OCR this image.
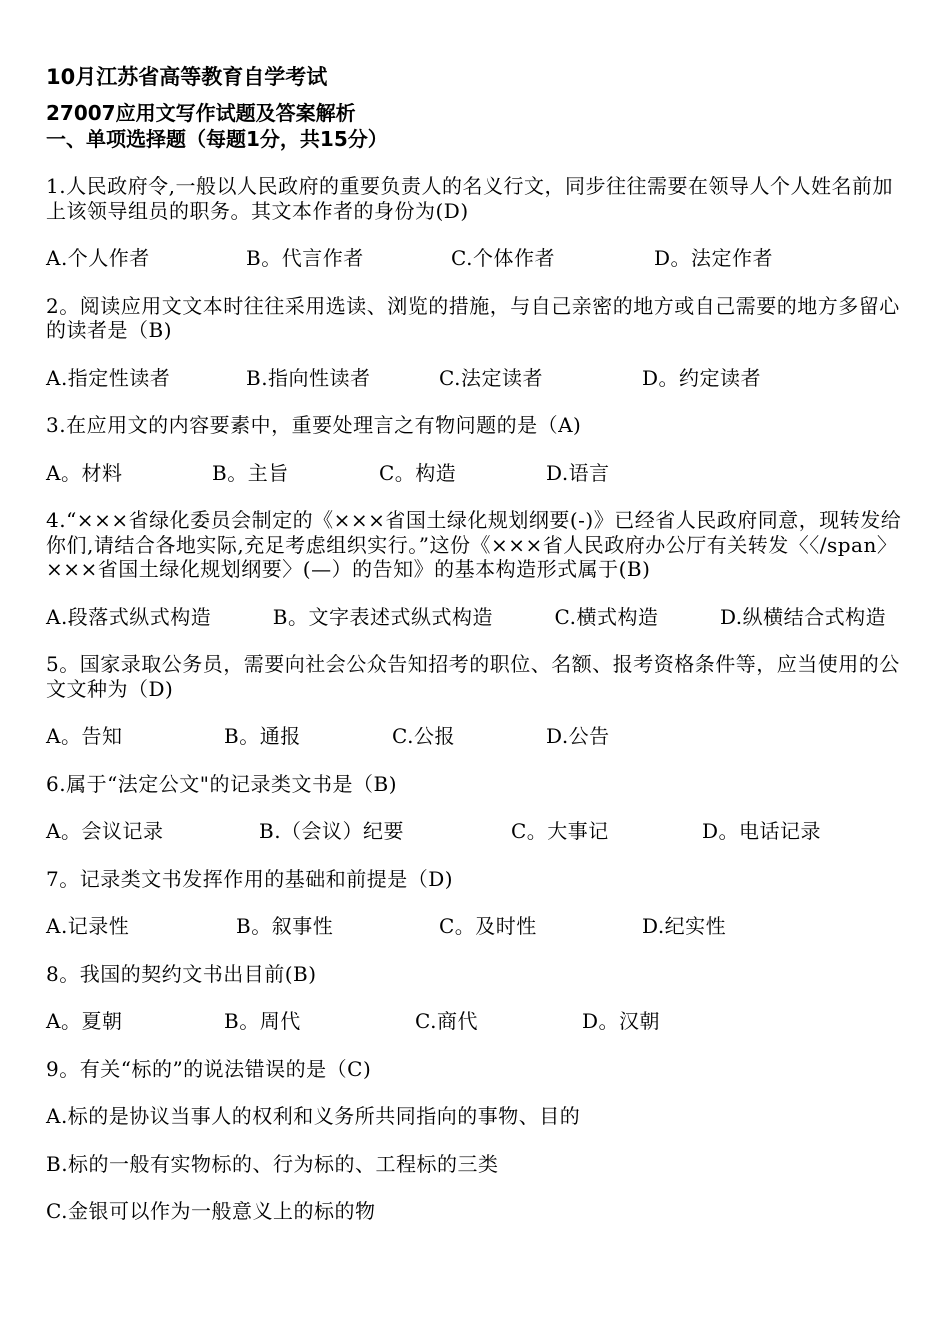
10月江苏省高等教育自学考试

27007应用文写作试题及答案解析

一、单项选择题（每题1分，共15分）

1.人民政府令,一般以人民政府的重要负责人的名义行文，同步往往需要在领导人个人姓名前加上该领导组员的职务。其文本作者的身份为(D)

A.个人作者	B。代言作者	C.个体作者	D。法定作者

2。阅读应用文文本时往往采用选读、浏览的措施，与自己亲密的地方或自己需要的地方多留心的读者是（B)

A.指定性读者	B.指向性读者	C.法定读者	D。约定读者

3.在应用文的内容要素中，重要处理言之有物问题的是（A)

A。材料	B。主旨	C。构造	D.语言

4.“×××省绿化委员会制定的《×××省国土绿化规划纲要(-)》已经省人民政府同意，现转发给你们,请结合各地实际,充足考虑组织实行。”这份《×××省人民政府办公厅有关转发〈〈/span〉×××省国土绿化规划纲要〉(—）的告知》的基本构造形式属于(B)

A.段落式纵式构造　　　B。文字表述式纵式构造　　　C.横式构造　　　D.纵横结合式构造

5。国家录取公务员，需要向社会公众告知招考的职位、名额、报考资格条件等，应当使用的公文文种为（D)

A。告知	B。通报	C.公报	D.公告

6.属于“法定公文"的记录类文书是（B)

A。会议记录	B.（会议）纪要	C。大事记	D。电话记录

7。记录类文书发挥作用的基础和前提是（D)

A.记录性	B。叙事性	C。及时性	D.纪实性

8。我国的契约文书出目前(B)

A。夏朝	B。周代	C.商代	D。汉朝

9。有关“标的”的说法错误的是（C)

A.标的是协议当事人的权利和义务所共同指向的事物、目的

B.标的一般有实物标的、行为标的、工程标的三类

C.金银可以作为一般意义上的标的物
